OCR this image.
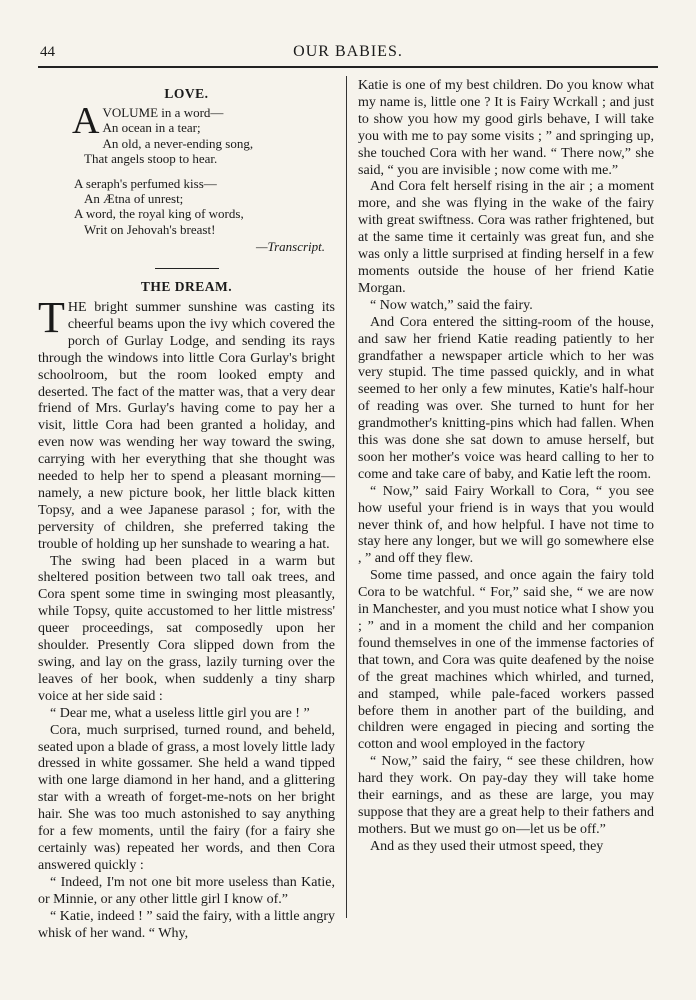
44	OUR BABIES.
LOVE.
A VOLUME in a word—
An ocean in a tear;
An old, a never-ending song,
That angels stoop to hear.
A seraph's perfumed kiss—
An Ætna of unrest;
A word, the royal king of words,
Writ on Jehovah's breast!
—Transcript.
THE DREAM.

THE bright summer sunshine was casting its cheerful beams upon the ivy which covered the porch of Gurlay Lodge, and sending its rays through the windows into little Cora Gurlay's bright schoolroom, but the room looked empty and deserted. The fact of the matter was, that a very dear friend of Mrs. Gurlay's having come to pay her a visit, little Cora had been granted a holiday, and even now was wending her way toward the swing, carrying with her everything that she thought was needed to help her to spend a pleasant morning—namely, a new picture book, her little black kitten Topsy, and a wee Japanese parasol ; for, with the perversity of children, she preferred taking the trouble of holding up her sunshade to wearing a hat.

The swing had been placed in a warm but sheltered position between two tall oak trees, and Cora spent some time in swinging most pleasantly, while Topsy, quite accustomed to her little mistress' queer proceedings, sat composedly upon her shoulder. Presently Cora slipped down from the swing, and lay on the grass, lazily turning over the leaves of her book, when suddenly a tiny sharp voice at her side said :

“ Dear me, what a useless little girl you are ! ”

Cora, much surprised, turned round, and beheld, seated upon a blade of grass, a most lovely little lady dressed in white gossamer. She held a wand tipped with one large diamond in her hand, and a glittering star with a wreath of forget-me-nots on her bright hair. She was too much astonished to say anything for a few moments, until the fairy (for a fairy she certainly was) repeated her words, and then Cora answered quickly :

“ Indeed, I'm not one bit more useless than Katie, or Minnie, or any other little girl I know of.”

“ Katie, indeed ! ” said the fairy, with a little angry whisk of her wand. “ Why,

Katie is one of my best children. Do you know what my name is, little one ? It is Fairy Wcrkall ; and just to show you how my good girls behave, I will take you with me to pay some visits ; ” and springing up, she touched Cora with her wand. “ There now,” she said, “ you are invisible ; now come with me.”

And Cora felt herself rising in the air ; a moment more, and she was flying in the wake of the fairy with great swiftness. Cora was rather frightened, but at the same time it certainly was great fun, and she was only a little surprised at finding herself in a few moments outside the house of her friend Katie Morgan.

“ Now watch,” said the fairy.

And Cora entered the sitting-room of the house, and saw her friend Katie reading patiently to her grandfather a newspaper article which to her was very stupid. The time passed quickly, and in what seemed to her only a few minutes, Katie's half-hour of reading was over. She turned to hunt for her grandmother's knitting-pins which had fallen. When this was done she sat down to amuse herself, but soon her mother's voice was heard calling to her to come and take care of baby, and Katie left the room.

“ Now,” said Fairy Workall to Cora, “ you see how useful your friend is in ways that you would never think of, and how helpful. I have not time to stay here any longer, but we will go somewhere else , ” and off they flew.

Some time passed, and once again the fairy told Cora to be watchful. “ For,” said she, “ we are now in Manchester, and you must notice what I show you ; ” and in a moment the child and her companion found themselves in one of the immense factories of that town, and Cora was quite deafened by the noise of the great machines which whirled, and turned, and stamped, while pale-faced workers passed before them in another part of the building, and children were engaged in piecing and sorting the cotton and wool employed in the factory

“ Now,” said the fairy, “ see these children, how hard they work. On pay-day they will take home their earnings, and as these are large, you may suppose that they are a great help to their fathers and mothers. But we must go on—let us be off.”

And as they used their utmost speed, they
